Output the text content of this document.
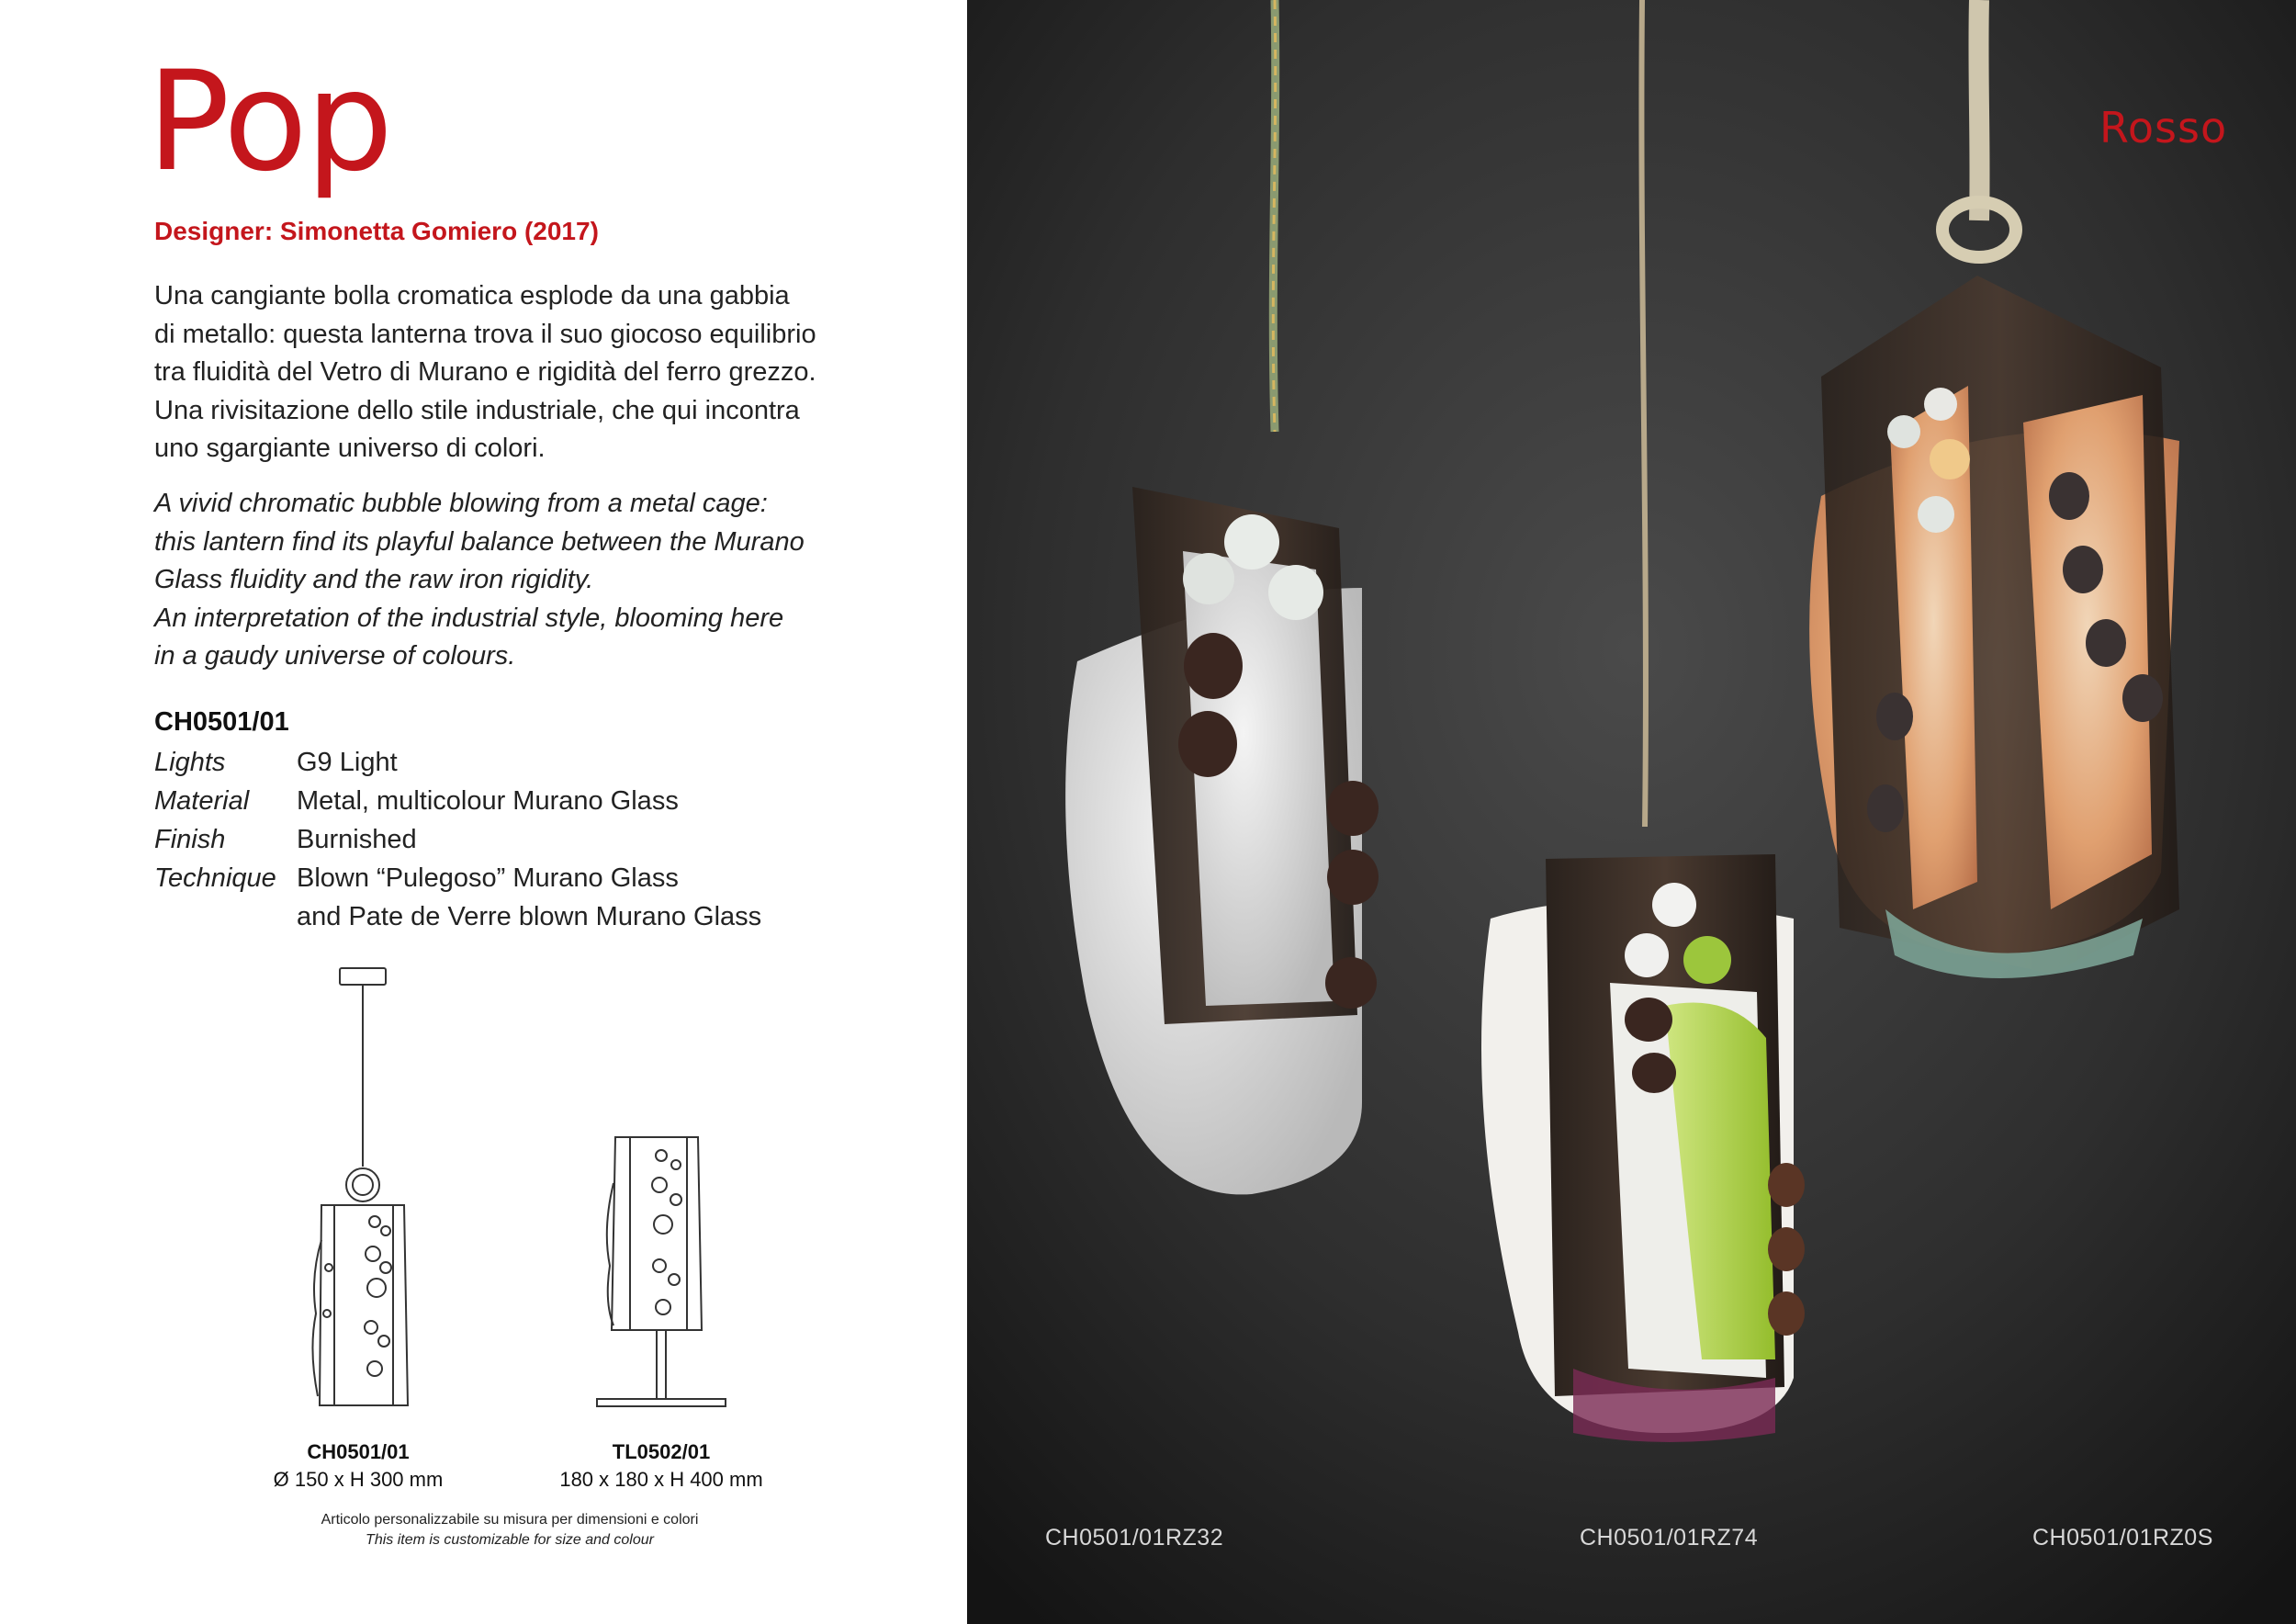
Pop
Designer: Simonetta Gomiero (2017)

Una cangiante bolla cromatica esplode da una gabbia
di metallo: questa lanterna trova il suo giocoso equilibrio
tra fluidità del Vetro di Murano e rigidità del ferro grezzo.
Una rivisitazione dello stile industriale, che qui incontra
uno sgargiante universo di colori.

A vivid chromatic bubble blowing from a metal cage:
this lantern find its playful balance between the Murano
Glass fluidity and the raw iron rigidity.
An interpretation of the industrial style, blooming here
in a gaudy universe of colours.

CH0501/01
Lights	G9 Light
Material	Metal, multicolour Murano Glass
Finish	Burnished
Technique Blown “Pulegoso” Murano Glass
and Pate de Verre blown Murano Glass
CH0501/01
Ø 150 x H 300 mm
TL0502/01
180 x 180 x H 400 mm
Articolo personalizzabile su misura per dimensioni e colori
This item is customizable for size and colour	CH0501/01RZ32	CH0501/01RZ74	CH0501/01RZ0S
Rosso
